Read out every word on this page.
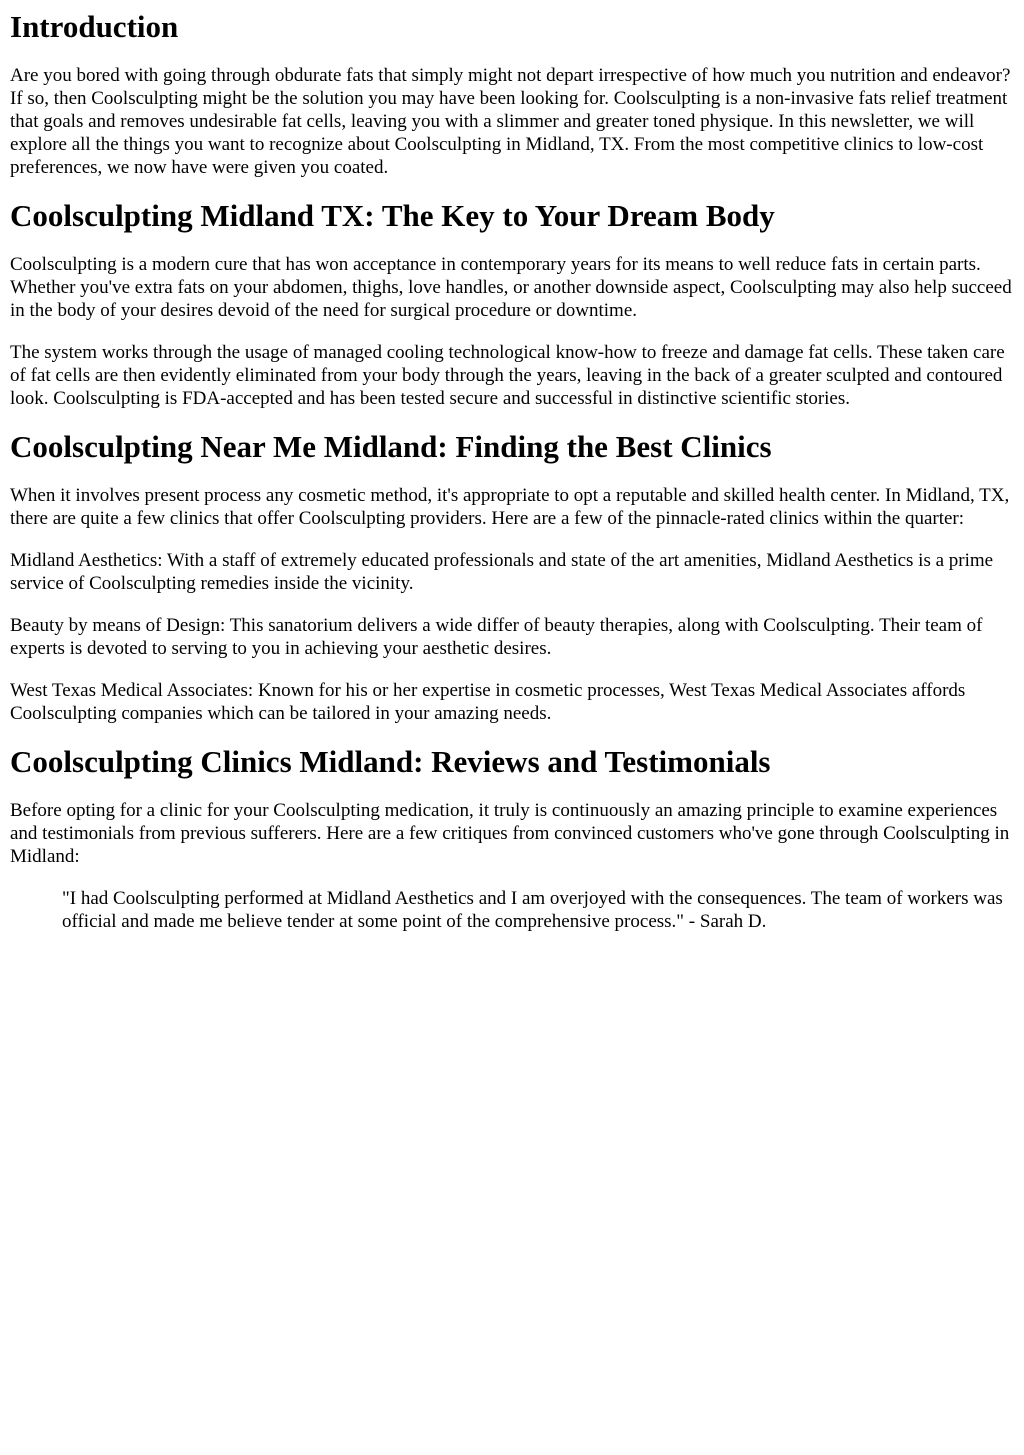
Introduction

Are you bored with going through obdurate fats that simply might not depart irrespective of how much you nutrition and endeavor? If so, then Coolsculpting might be the solution you may have been looking for. Coolsculpting is a non-invasive fats relief treatment that goals and removes undesirable fat cells, leaving you with a slimmer and greater toned physique. In this newsletter, we will explore all the things you want to recognize about Coolsculpting in Midland, TX. From the most competitive clinics to low-cost preferences, we now have were given you coated.

Coolsculpting Midland TX: The Key to Your Dream Body

Coolsculpting is a modern cure that has won acceptance in contemporary years for its means to well reduce fats in certain parts. Whether you've extra fats on your abdomen, thighs, love handles, or another downside aspect, Coolsculpting may also help succeed in the body of your desires devoid of the need for surgical procedure or downtime.

The system works through the usage of managed cooling technological know-how to freeze and damage fat cells. These taken care of fat cells are then evidently eliminated from your body through the years, leaving in the back of a greater sculpted and contoured look. Coolsculpting is FDA-accepted and has been tested secure and successful in distinctive scientific stories.

Coolsculpting Near Me Midland: Finding the Best Clinics

When it involves present process any cosmetic method, it's appropriate to opt a reputable and skilled health center. In Midland, TX, there are quite a few clinics that offer Coolsculpting providers. Here are a few of the pinnacle-rated clinics within the quarter:

Midland Aesthetics: With a staff of extremely educated professionals and state of the art amenities, Midland Aesthetics is a prime service of Coolsculpting remedies inside the vicinity.

Beauty by means of Design: This sanatorium delivers a wide differ of beauty therapies, along with Coolsculpting. Their team of experts is devoted to serving to you in achieving your aesthetic desires.

West Texas Medical Associates: Known for his or her expertise in cosmetic processes, West Texas Medical Associates affords Coolsculpting companies which can be tailored in your amazing needs.

Coolsculpting Clinics Midland: Reviews and Testimonials

Before opting for a clinic for your Coolsculpting medication, it truly is continuously an amazing principle to examine experiences and testimonials from previous sufferers. Here are a few critiques from convinced customers who've gone through Coolsculpting in Midland:

"I had Coolsculpting performed at Midland Aesthetics and I am overjoyed with the consequences. The team of workers was official and made me believe tender at some point of the comprehensive process." - Sarah D.
